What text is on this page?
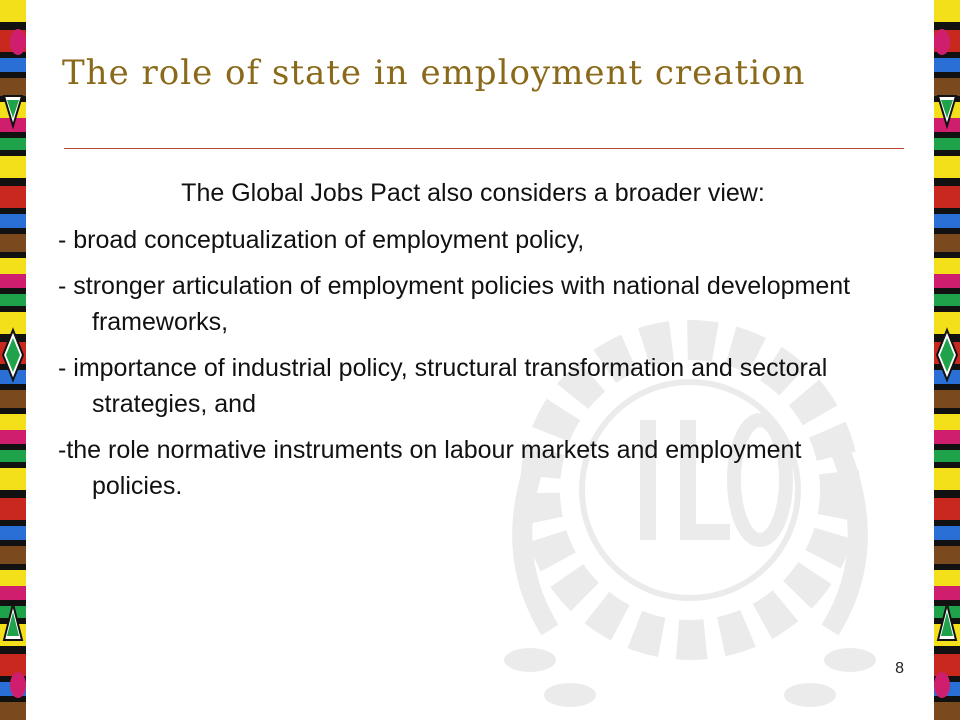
The role of state in employment creation

The Global Jobs Pact also considers a broader view:

- broad conceptualization of employment policy,

- stronger articulation of employment policies with national development frameworks,

- importance of industrial policy, structural transformation and sectoral strategies, and

-the role normative instruments on labour markets and employment policies.

8
